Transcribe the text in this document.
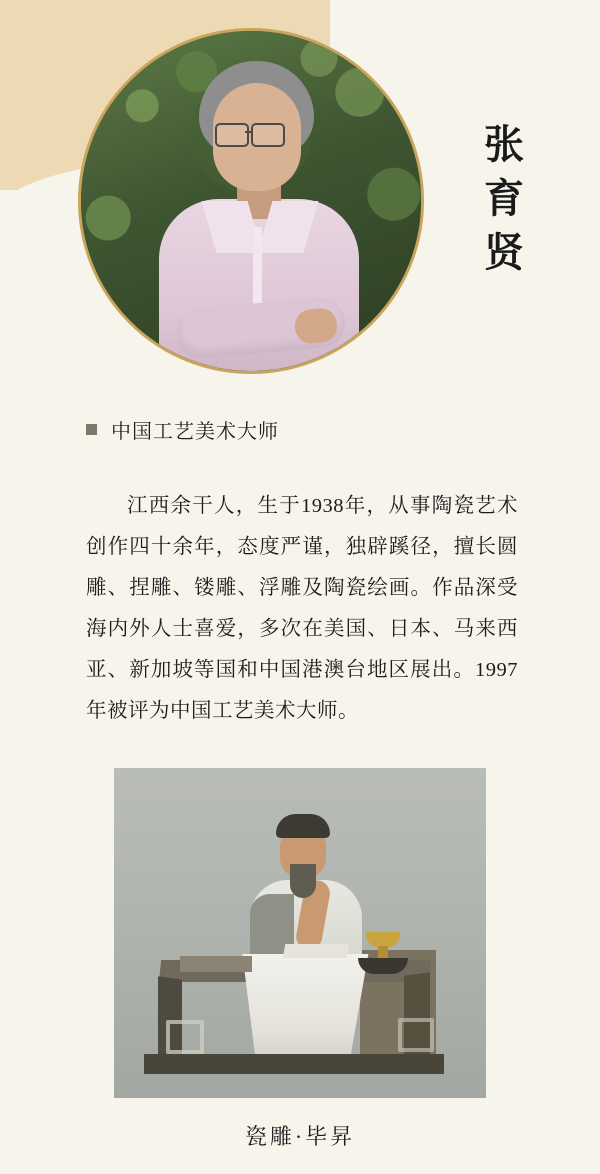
张
育
贤
中国工艺美术大师
江西余干人，生于1938年，从事陶瓷艺术创作四十余年，态度严谨，独辟蹊径，擅长圆雕、捏雕、镂雕、浮雕及陶瓷绘画。作品深受海内外人士喜爱，多次在美国、日本、马来西亚、新加坡等国和中国港澳台地区展出。1997年被评为中国工艺美术大师。
瓷雕·毕昇
